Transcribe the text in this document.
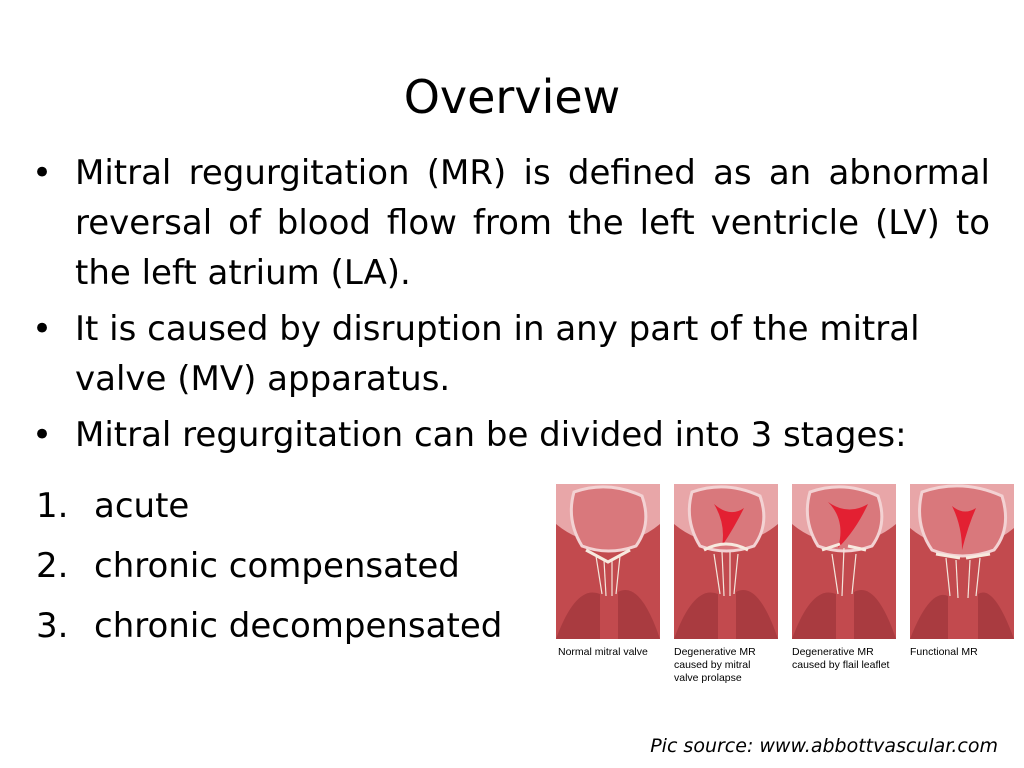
Overview
• Mitral regurgitation (MR) is defined as an abnormal reversal of blood flow from the left ventricle (LV) to the left atrium (LA).
• It is caused by disruption in any part of the mitral valve (MV) apparatus.
• Mitral regurgitation can be divided into 3 stages:
1. acute
2. chronic compensated
3. chronic decompensated
Normal mitral valve	Degenerative MR caused by mitral valve prolapse
Degenerative MR caused by flail leaflet
Functional MR
Pic source: www.abbottvascular.com
